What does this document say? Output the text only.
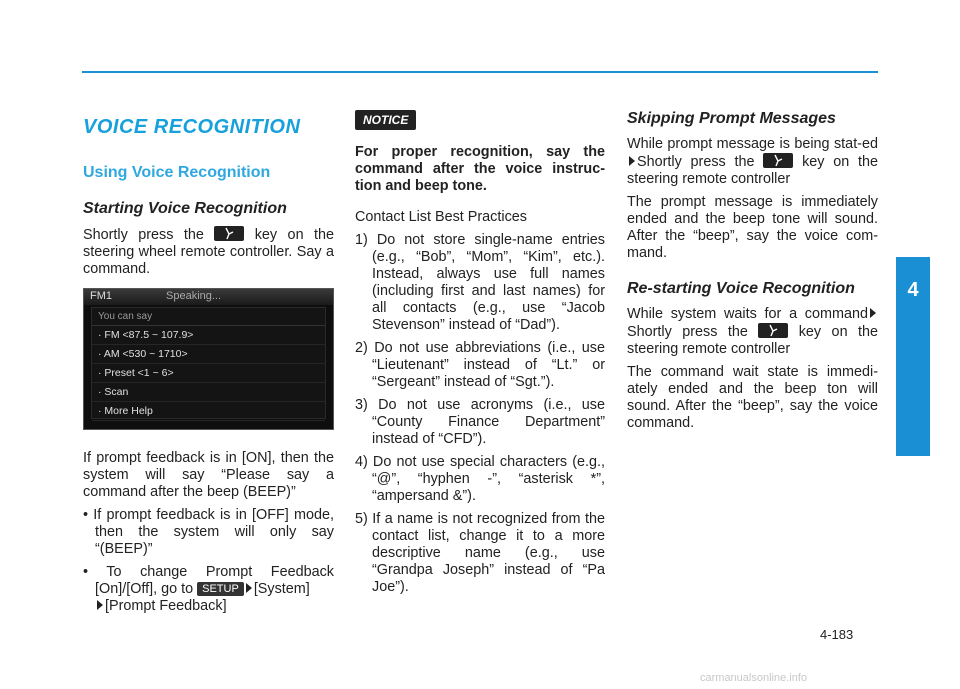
VOICE RECOGNITION
Using Voice Recognition
Starting Voice Recognition

Shortly press the	key on the steering wheel remote controller. Say a command.

FM1	Speaking...
You can say
· FM <87.5 ~ 107.9>
· AM <530 ~ 1710>
· Preset <1 ~ 6>
· Scan
· More Help

If prompt feedback is in [ON], then the system will say “Please say a command after the beep (BEEP)”

• If prompt feedback is in [OFF] mode, then the system will only say “(BEEP)”
• To change Prompt Feedback [On]/[Off], go to SETUP [System]
[Prompt Feedback]
NOTICE

For proper recognition, say the command after the voice instruc-tion and beep tone.

Contact List Best Practices

1) Do not store single-name entries (e.g., “Bob”, “Mom”, “Kim”, etc.). Instead, always use full names (including first and last names) for all contacts (e.g., use “Jacob Stevenson” instead of “Dad”).
2) Do not use abbreviations (i.e., use “Lieutenant” instead of “Lt.” or “Sergeant” instead of “Sgt.”).
3) Do not use acronyms (i.e., use “County Finance Department” instead of “CFD”).
4) Do not use special characters (e.g., “@”, “hyphen -”, “asterisk *”, “ampersand &”).
5) If a name is not recognized from the contact list, change it to a more descriptive name (e.g., use “Grandpa Joseph” instead of “Pa Joe”).
Skipping Prompt Messages

While prompt message is being stat-edShortly press the	key on the steering remote controller

The prompt message is immediately ended and the beep tone will sound. After the “beep”, say the voice com-mand.

Re-starting Voice Recognition

While system waits for a command Shortly press the	key on the steering remote controller

The command wait state is immedi-ately ended and the beep ton will sound. After the “beep”, say the voice command.

4
Multimedia System
4-183
carmanualsonline.info
